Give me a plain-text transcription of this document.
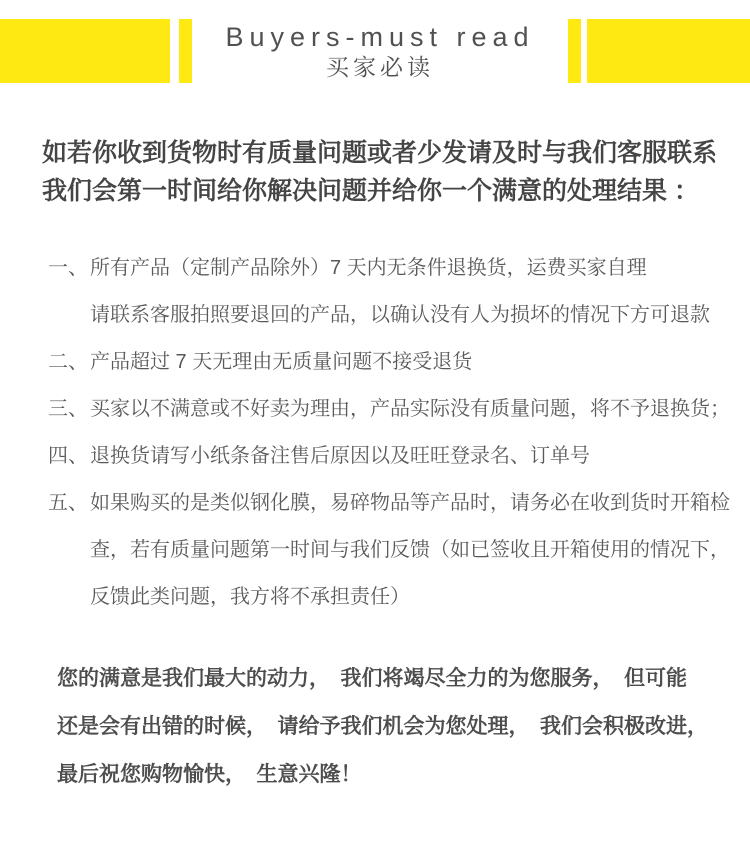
Buyers-must read
买家必读
如若你收到货物时有质量问题或者少发请及时与我们客服联系
我们会第一时间给你解决问题并给你一个满意的处理结果 ：
一、 所有产品（定制产品除外）7 天内无条件退换货，运费买家自理
请联系客服拍照要退回的产品，以确认没有人为损坏的情况下方可退款
二、 产品超过 7 天无理由无质量问题不接受退货
三、 买家以不满意或不好卖为理由，产品实际没有质量问题，将不予退换货；
四、 退换货请写小纸条备注售后原因以及旺旺登录名、订单号
五、 如果购买的是类似钢化膜，易碎物品等产品时，请务必在收到货时开箱检
查，若有质量问题第一时间与我们反馈（如已签收且开箱使用的情况下，
反馈此类问题，我方将不承担责任）
您的满意是我们最大的动力，　我们将竭尽全力的为您服务，　但可能
还是会有出错的时候，　请给予我们机会为您处理，　我们会积极改进，
最后祝您购物愉快，　生意兴隆！
